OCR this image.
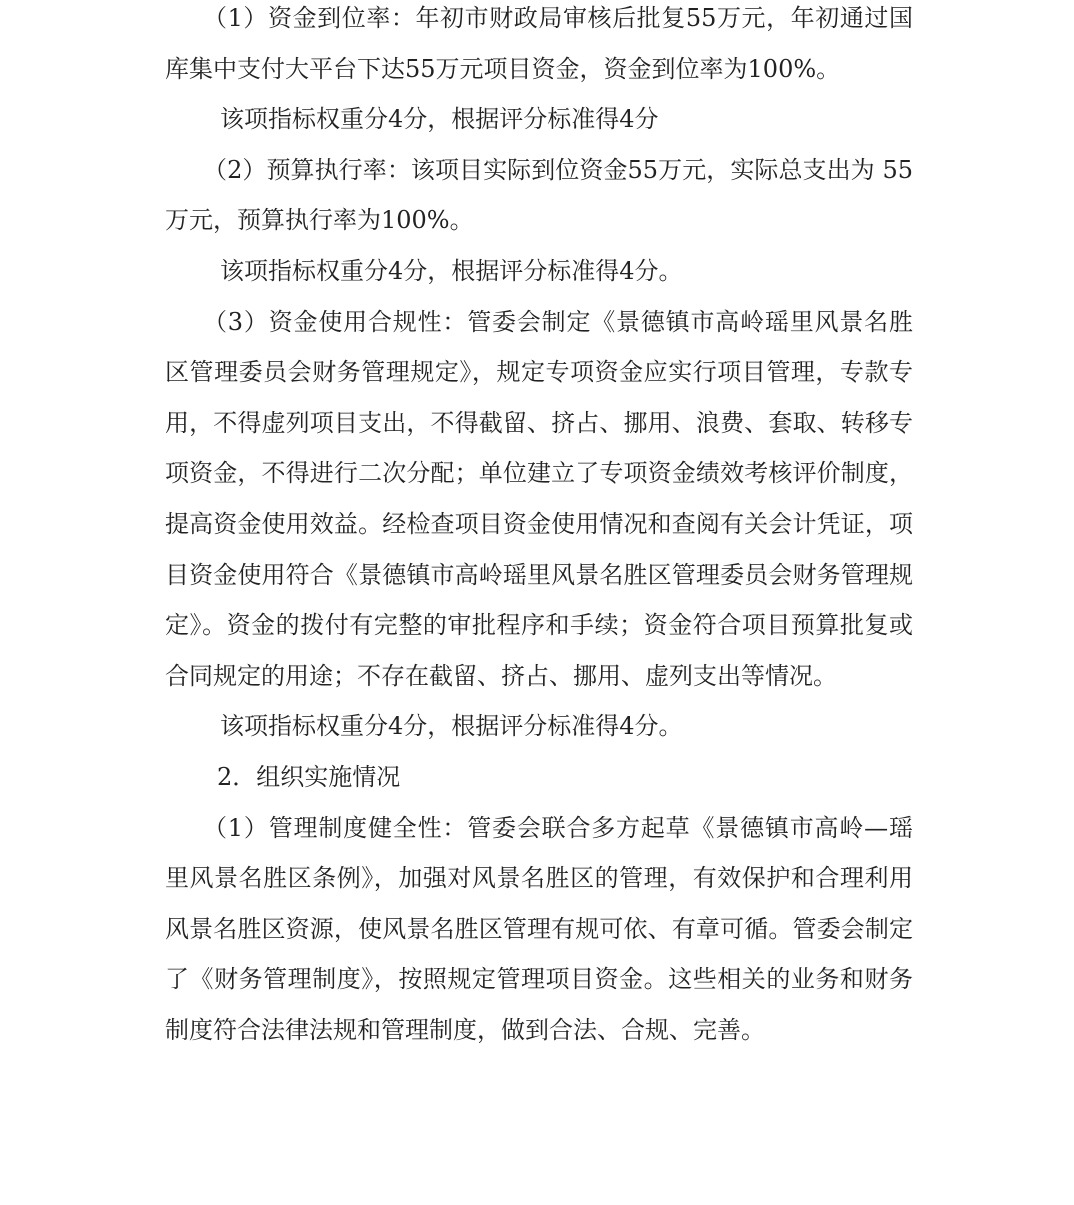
（1）资金到位率：年初市财政局审核后批复55万元，年初通过国库集中支付大平台下达55万元项目资金，资金到位率为100%。

该项指标权重分4分，根据评分标准得4分

（2）预算执行率：该项目实际到位资金55万元，实际总支出为 55万元，预算执行率为100%。

该项指标权重分4分，根据评分标准得4分。

（3）资金使用合规性：管委会制定《景德镇市高岭瑶里风景名胜区管理委员会财务管理规定》，规定专项资金应实行项目管理，专款专用，不得虚列项目支出，不得截留、挤占、挪用、浪费、套取、转移专项资金，不得进行二次分配；单位建立了专项资金绩效考核评价制度，提高资金使用效益。经检查项目资金使用情况和查阅有关会计凭证，项目资金使用符合《景德镇市高岭瑶里风景名胜区管理委员会财务管理规定》。资金的拨付有完整的审批程序和手续；资金符合项目预算批复或合同规定的用途；不存在截留、挤占、挪用、虚列支出等情况。

该项指标权重分4分，根据评分标准得4分。

2．组织实施情况

（1）管理制度健全性：管委会联合多方起草《景德镇市高岭—瑶里风景名胜区条例》，加强对风景名胜区的管理，有效保护和合理利用风景名胜区资源，使风景名胜区管理有规可依、有章可循。管委会制定了《财务管理制度》，按照规定管理项目资金。这些相关的业务和财务制度符合法律法规和管理制度，做到合法、合规、完善。
